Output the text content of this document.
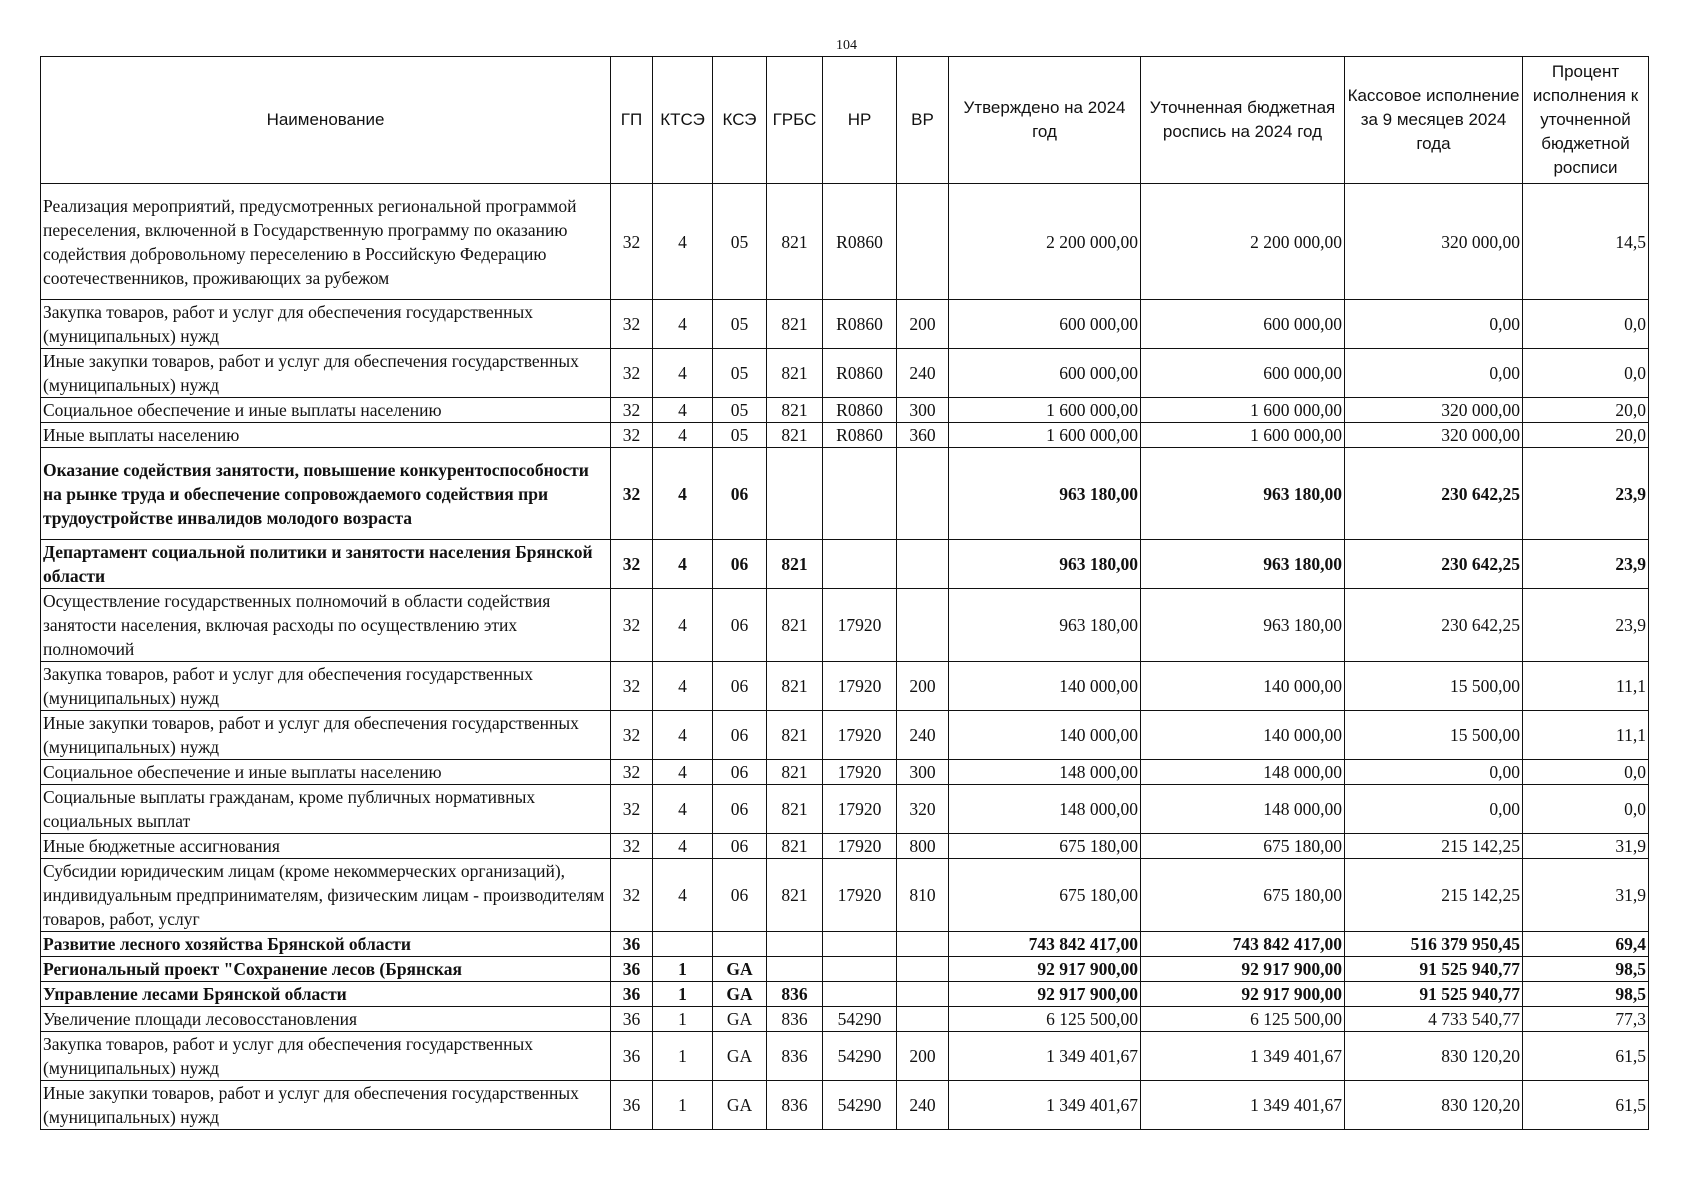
104
Наименование	ГП	КТСЭ	КСЭ	ГРБС	НР	ВР	Утверждено на 2024 год	Уточненная бюджетная роспись на 2024 год	Кассовое исполнение за 9 месяцев 2024 года	Процент исполнения к уточненной бюджетной росписи
Реализация мероприятий, предусмотренных региональной программой переселения, включенной в Государственную программу по оказанию содействия добровольному переселению в Российскую Федерацию соотечественников, проживающих за рубежом	32	4	05	821	R0860		2 200 000,00	2 200 000,00	320 000,00	14,5
Закупка товаров, работ и услуг для обеспечения государственных (муниципальных) нужд	32	4	05	821	R0860	200	600 000,00	600 000,00	0,00	0,0
Иные закупки товаров, работ и услуг для обеспечения государственных (муниципальных) нужд	32	4	05	821	R0860	240	600 000,00	600 000,00	0,00	0,0
Социальное обеспечение и иные выплаты населению	32	4	05	821	R0860	300	1 600 000,00	1 600 000,00	320 000,00	20,0
Иные выплаты населению	32	4	05	821	R0860	360	1 600 000,00	1 600 000,00	320 000,00	20,0
Оказание содействия занятости, повышение конкурентоспособности на рынке труда и обеспечение сопровождаемого содействия при трудоустройстве инвалидов молодого возраста	32	4	06				963 180,00	963 180,00	230 642,25	23,9
Департамент социальной политики и занятости населения Брянской области	32	4	06	821			963 180,00	963 180,00	230 642,25	23,9
Осуществление государственных полномочий в области содействия занятости населения, включая расходы по осуществлению этих полномочий	32	4	06	821	17920		963 180,00	963 180,00	230 642,25	23,9
Закупка товаров, работ и услуг для обеспечения государственных (муниципальных) нужд	32	4	06	821	17920	200	140 000,00	140 000,00	15 500,00	11,1
Иные закупки товаров, работ и услуг для обеспечения государственных (муниципальных) нужд	32	4	06	821	17920	240	140 000,00	140 000,00	15 500,00	11,1
Социальное обеспечение и иные выплаты населению	32	4	06	821	17920	300	148 000,00	148 000,00	0,00	0,0
Социальные выплаты гражданам, кроме публичных нормативных социальных выплат	32	4	06	821	17920	320	148 000,00	148 000,00	0,00	0,0
Иные бюджетные ассигнования	32	4	06	821	17920	800	675 180,00	675 180,00	215 142,25	31,9
Субсидии юридическим лицам (кроме некоммерческих организаций), индивидуальным предпринимателям, физическим лицам - производителям товаров, работ, услуг	32	4	06	821	17920	810	675 180,00	675 180,00	215 142,25	31,9
Развитие лесного хозяйства Брянской области	36						743 842 417,00	743 842 417,00	516 379 950,45	69,4
Региональный проект "Сохранение лесов (Брянская	36	1	GA				92 917 900,00	92 917 900,00	91 525 940,77	98,5
Управление лесами Брянской области	36	1	GA	836			92 917 900,00	92 917 900,00	91 525 940,77	98,5
Увеличение площади лесовосстановления	36	1	GA	836	54290		6 125 500,00	6 125 500,00	4 733 540,77	77,3
Закупка товаров, работ и услуг для обеспечения государственных (муниципальных) нужд	36	1	GA	836	54290	200	1 349 401,67	1 349 401,67	830 120,20	61,5
Иные закупки товаров, работ и услуг для обеспечения государственных (муниципальных) нужд	36	1	GA	836	54290	240	1 349 401,67	1 349 401,67	830 120,20	61,5
